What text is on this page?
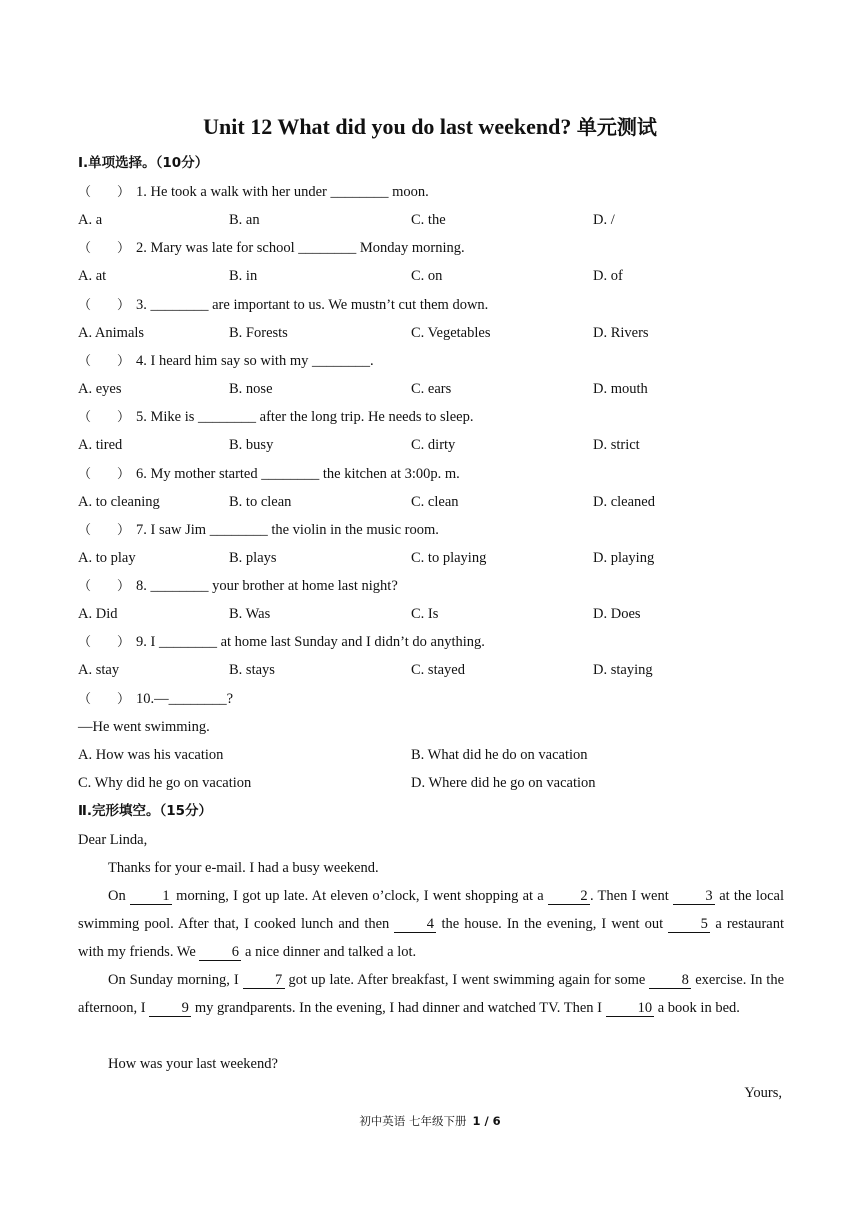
Unit 12 What did you do last weekend? 单元测试
I.单项选择。（10分）
（　　） 1. He took a walk with her under ________ moon.
A. a	B. an	C. the	D. /
（　　） 2. Mary was late for school ________ Monday morning.
A. at	B. in	C. on	D. of
（　　） 3. ________ are important to us. We mustn’t cut them down.
A. Animals	B. Forests	C. Vegetables	D. Rivers
（　　） 4. I heard him say so with my ________.
A. eyes	B. nose	C. ears	D. mouth
（　　） 5. Mike is ________ after the long trip. He needs to sleep.
A. tired	B. busy	C. dirty	D. strict
（　　） 6. My mother started ________ the kitchen at 3:00p. m.
A. to cleaning	B. to clean	C. clean	D. cleaned
（　　） 7. I saw Jim ________ the violin in the music room.
A. to play	B. plays	C. to playing	D. playing
（　　） 8. ________ your brother at home last night?
A. Did	B. Was	C. Is	D. Does
（　　） 9. I ________ at home last Sunday and I didn’t do anything.
A. stay	B. stays	C. stayed	D. staying
（　　） 10.—________?
—He went swimming.
A. How was his vacation	B. What did he do on vacation
C. Why did he go on vacation	D. Where did he go on vacation
Ⅱ.完形填空。（15分）
Dear Linda,
Thanks for your e-mail. I had a busy weekend.
On 1 morning, I got up late. At eleven o’clock, I went shopping at a 2 . Then I went 3 at the local swimming pool. After that, I cooked lunch and then 4 the house. In the evening, I went out 5 a restaurant with my friends. We 6 a nice dinner and talked a lot.
On Sunday morning, I 7 got up late. After breakfast, I went swimming again for some 8 exercise. In the afternoon, I 9 my grandparents. In the evening, I had dinner and watched TV. Then I 10 a book in bed.
How was your last weekend?
Yours,
初中英语 七年级下册 1 / 6
